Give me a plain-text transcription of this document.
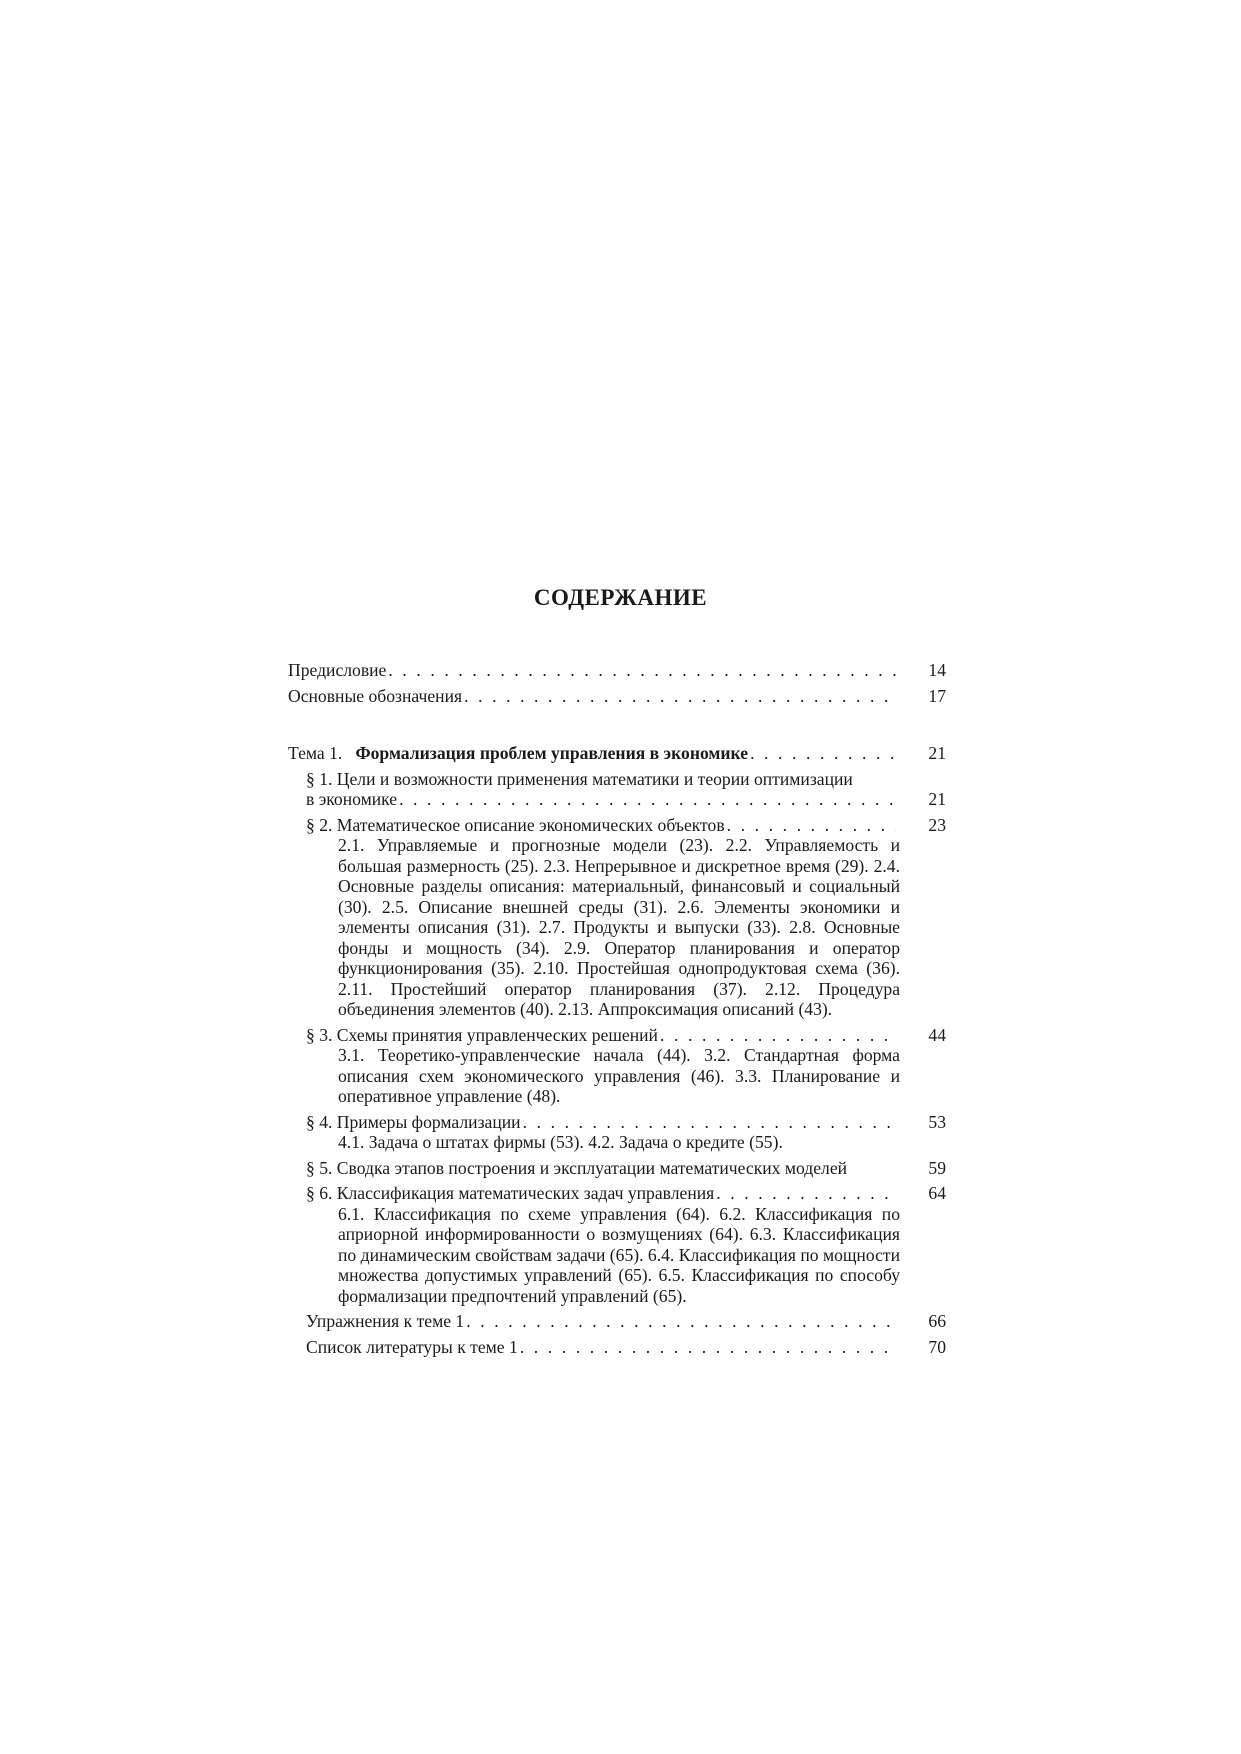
СОДЕРЖАНИЕ
Предисловие . . .	14
Основные обозначения . . .	17
Тема 1. Формализация проблем управления в экономике . . .	21
§ 1. Цели и возможности применения математики и теории оптимизации
в экономике . . .	21
§ 2. Математическое описание экономических объектов . . .	23
2.1. Управляемые и прогнозные модели (23). 2.2. Управляемость и большая размерность (25). 2.3. Непрерывное и дискретное время (29). 2.4. Основные разделы описания: материальный, финансовый и социальный (30). 2.5. Описание внешней среды (31). 2.6. Элементы экономики и элементы описания (31). 2.7. Продукты и выпуски (33). 2.8. Основные фонды и мощность (34). 2.9. Оператор планирования и оператор функционирования (35). 2.10. Простейшая однопродуктовая схема (36). 2.11. Простейший оператор планирования (37). 2.12. Процедура объединения элементов (40). 2.13. Аппроксимация описаний (43).
§ 3. Схемы принятия управленческих решений . . .	44
3.1. Теоретико-управленческие начала (44). 3.2. Стандартная форма описания схем экономического управления (46). 3.3. Планирование и оперативное управление (48).
§ 4. Примеры формализации . . .	53
4.1. Задача о штатах фирмы (53). 4.2. Задача о кредите (55).
§ 5. Сводка этапов построения и эксплуатации математических моделей	59
§ 6. Классификация математических задач управления . . .	64
6.1. Классификация по схеме управления (64). 6.2. Классификация по априорной информированности о возмущениях (64). 6.3. Классификация по динамическим свойствам задачи (65). 6.4. Классификация по мощности множества допустимых управлений (65). 6.5. Классификация по способу формализации предпочтений управлений (65).
Упражнения к теме 1 . . .	66
Список литературы к теме 1 . . .	70
